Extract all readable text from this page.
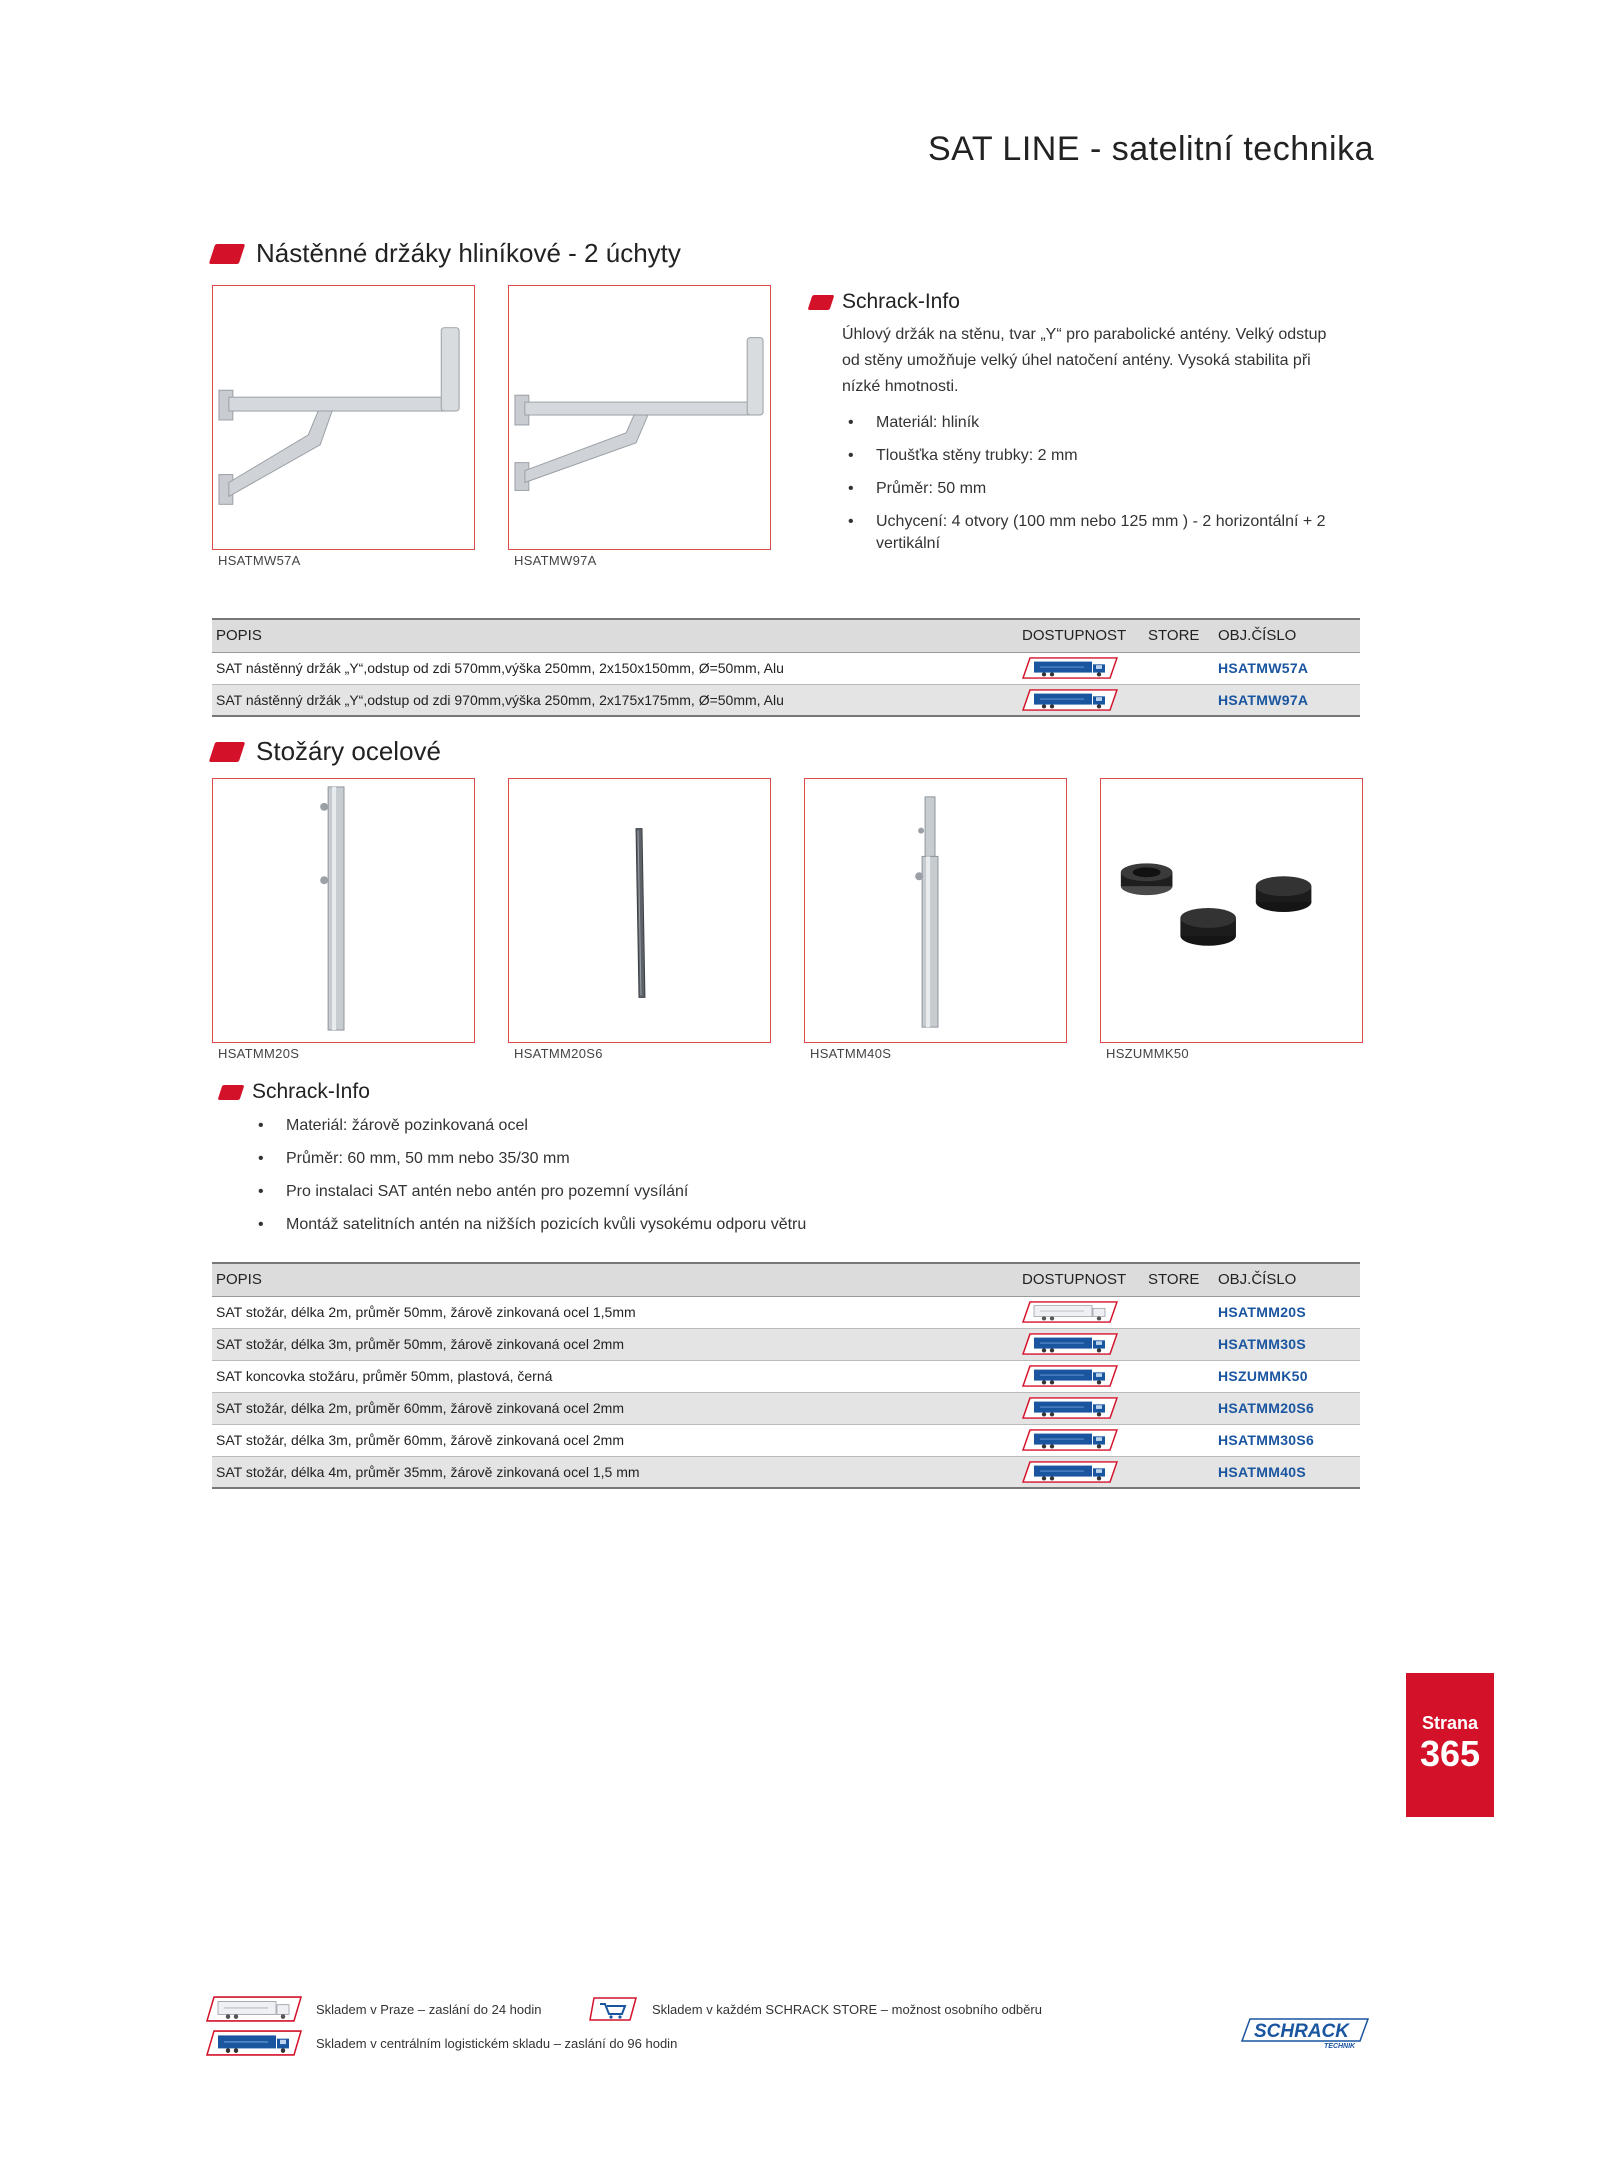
SAT LINE - satelitní technika
Nástěnné držáky hliníkové - 2 úchyty
HSATMW57A	HSATMW97A
Schrack-Info
Úhlový držák na stěnu, tvar „Y“ pro parabolické antény. Velký odstup od stěny umožňuje velký úhel natočení antény. Vysoká stabilita při nízké hmotnosti.
• Materiál: hliník
• Tloušťka stěny trubky: 2 mm
• Průměr: 50 mm
• Uchycení: 4 otvory (100 mm nebo 125 mm ) - 2 horizontální + 2 vertikální
POPIS	DOSTUPNOST	STORE	OBJ.ČÍSLO
SAT nástěnný držák „Y“,odstup od zdi 570mm,výška 250mm, 2x150x150mm, Ø=50mm, Alu			HSATMW57A
SAT nástěnný držák „Y“,odstup od zdi 970mm,výška 250mm, 2x175x175mm, Ø=50mm, Alu			HSATMW97A
Stožáry ocelové
HSATMM20S	HSATMM20S6	HSATMM40S	HSZUMMK50
Schrack-Info
• Materiál: žárově pozinkovaná ocel
• Průměr: 60 mm, 50 mm nebo 35/30 mm
• Pro instalaci SAT antén nebo antén pro pozemní vysílání
• Montáž satelitních antén na nižších pozicích kvůli vysokému odporu větru
POPIS	DOSTUPNOST	STORE	OBJ.ČÍSLO
SAT stožár, délka 2m, průměr 50mm, žárově zinkovaná ocel 1,5mm			HSATMM20S
SAT stožár, délka 3m, průměr 50mm, žárově zinkovaná ocel 2mm			HSATMM30S
SAT koncovka stožáru, průměr 50mm, plastová, černá			HSZUMMK50
SAT stožár, délka 2m, průměr 60mm, žárově zinkovaná ocel 2mm			HSATMM20S6
SAT stožár, délka 3m, průměr 60mm, žárově zinkovaná ocel 2mm			HSATMM30S6
SAT stožár, délka 4m, průměr 35mm, žárově zinkovaná ocel 1,5 mm			HSATMM40S
Strana
365
Skladem v Praze – zaslání do 24 hodin	Skladem v každém SCHRACK STORE – možnost osobního odběru
Skladem v centrálním logistickém skladu – zaslání do 96 hodin
SCHRACK
TECHNIK
